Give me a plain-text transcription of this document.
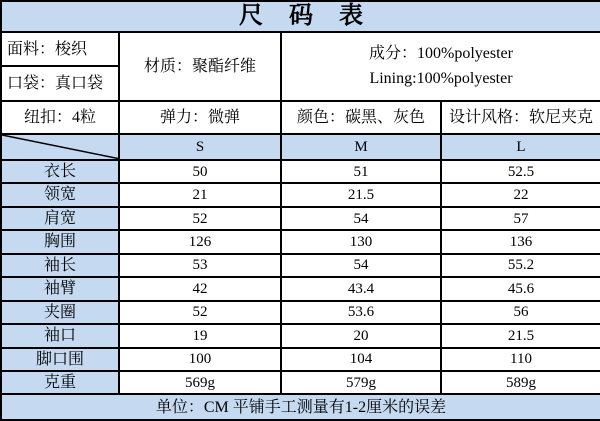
尺码表			
面料：梭织	材质：聚酯纤维	成分：100%polyester
Lining:100%polyester	

口袋：真口袋			
纽扣：4粒	弹力：微弹	颜色：碳黑、灰色	设计风格：软尼夹克

	S	M	L
衣长	50	51	52.5
领宽	21	21.5	22
肩宽	52	54	57
胸围	126	130	136
袖长	53	54	55.2
袖臂	42	43.4	45.6
夹圈	52	53.6	56
袖口	19	20	21.5
脚口围	100	104	110
克重	569g	579g	589g
单位：CM 平铺手工测量有1-2厘米的误差			
